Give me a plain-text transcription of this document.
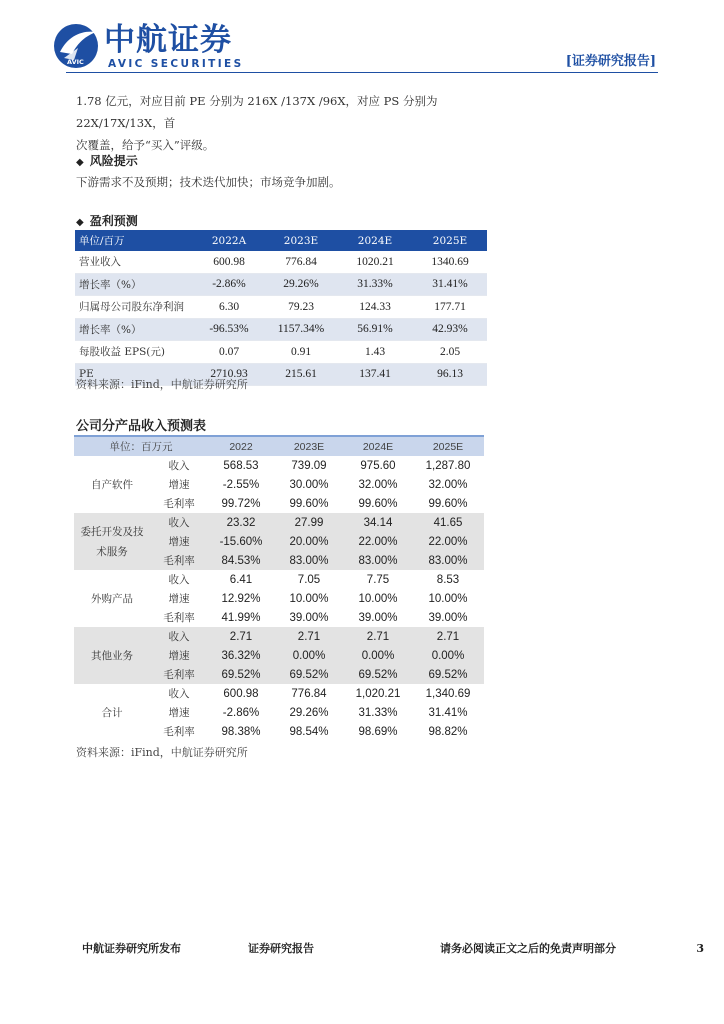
AVIC
中航证券
AVIC SECURITIES	[证券研究报告]
1.78 亿元，对应目前 PE 分别为 216X /137X /96X，对应 PS 分别为 22X/17X/13X，首
次覆盖，给予“买入”评级。
◆ 风险提示
下游需求不及预期；技术迭代加快；市场竞争加剧。
◆ 盈利预测
单位/百万	2022A	2023E	2024E	2025E
营业收入	600.98	776.84	1020.21	1340.69
增长率（%）	-2.86%	29.26%	31.33%	31.41%
归属母公司股东净利润	6.30	79.23	124.33	177.71
增长率（%）	-96.53%	1157.34%	56.91%	42.93%
每股收益 EPS(元)	0.07	0.91	1.43	2.05
PE	2710.93	215.61	137.41	96.13
资料来源：iFind，中航证券研究所
公司分产品收入预测表
单位：百万元		2022	2023E	2024E	2025E
自产软件	收入	568.53	739.09	975.60	1,287.80
	增速	-2.55%	30.00%	32.00%	32.00%
	毛利率	99.72%	99.60%	99.60%	99.60%
委托开发及技术服务	收入	23.32	27.99	34.14	41.65
	增速	-15.60%	20.00%	22.00%	22.00%
	毛利率	84.53%	83.00%	83.00%	83.00%
外购产品	收入	6.41	7.05	7.75	8.53
	增速	12.92%	10.00%	10.00%	10.00%
	毛利率	41.99%	39.00%	39.00%	39.00%
其他业务	收入	2.71	2.71	2.71	2.71
	增速	36.32%	0.00%	0.00%	0.00%
	毛利率	69.52%	69.52%	69.52%	69.52%
合计	收入	600.98	776.84	1,020.21	1,340.69
	增速	-2.86%	29.26%	31.33%	31.41%
	毛利率	98.38%	98.54%	98.69%	98.82%
资料来源：iFind，中航证券研究所
中航证券研究所发布	证券研究报告	请务必阅读正文之后的免责声明部分	3
